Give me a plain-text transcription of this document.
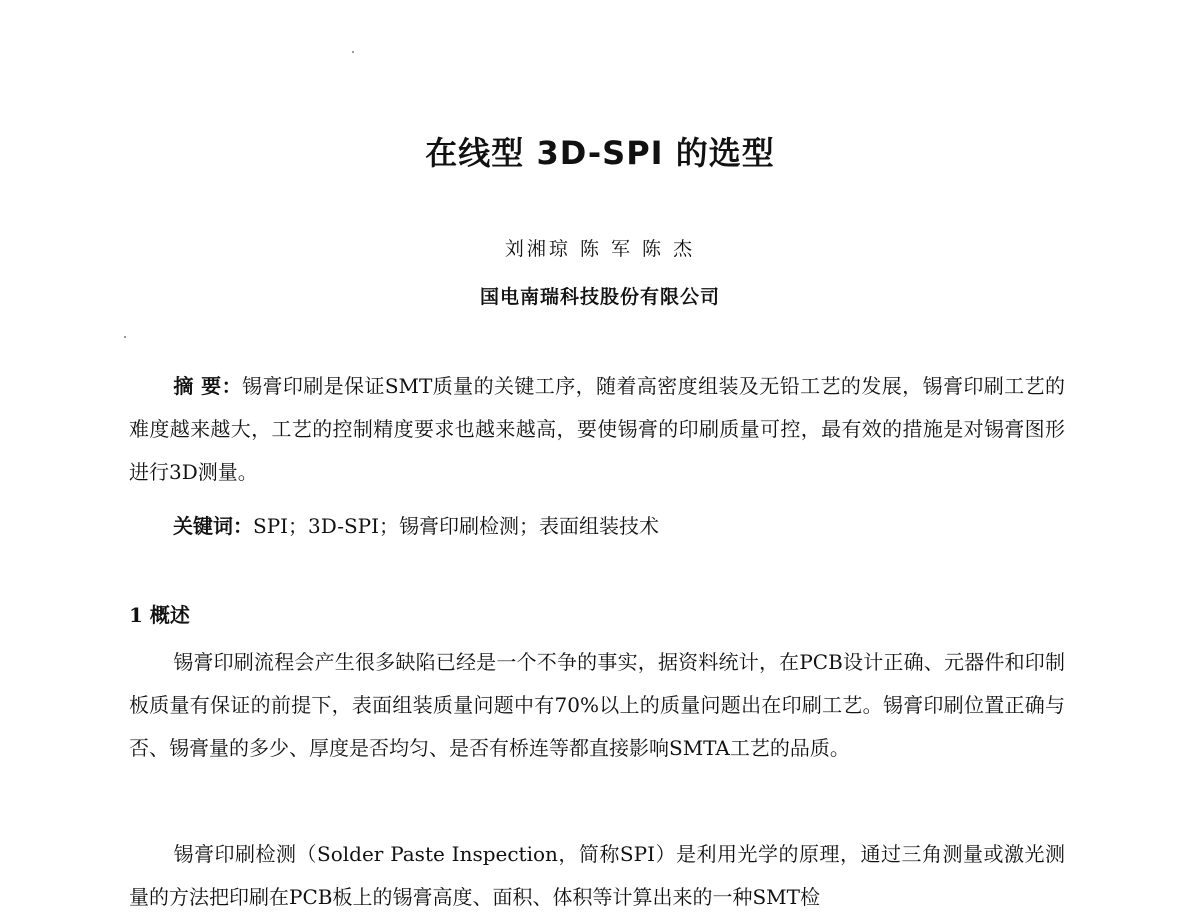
在线型 3D-SPI 的选型
刘湘琼 陈 军 陈 杰
国电南瑞科技股份有限公司
摘 要：锡膏印刷是保证SMT质量的关键工序，随着高密度组装及无铅工艺的发展，锡膏印刷工艺的难度越来越大，工艺的控制精度要求也越来越高，要使锡膏的印刷质量可控，最有效的措施是对锡膏图形进行3D测量。
关键词：SPI；3D-SPI；锡膏印刷检测；表面组装技术
1 概述
锡膏印刷流程会产生很多缺陷已经是一个不争的事实，据资料统计，在PCB设计正确、元器件和印制板质量有保证的前提下，表面组装质量问题中有70%以上的质量问题出在印刷工艺。锡膏印刷位置正确与否、锡膏量的多少、厚度是否均匀、是否有桥连等都直接影响SMTA工艺的品质。
锡膏印刷检测（Solder Paste Inspection，简称SPI）是利用光学的原理，通过三角测量或激光测量的方法把印刷在PCB板上的锡膏高度、面积、体积等计算出来的一种SMT检
